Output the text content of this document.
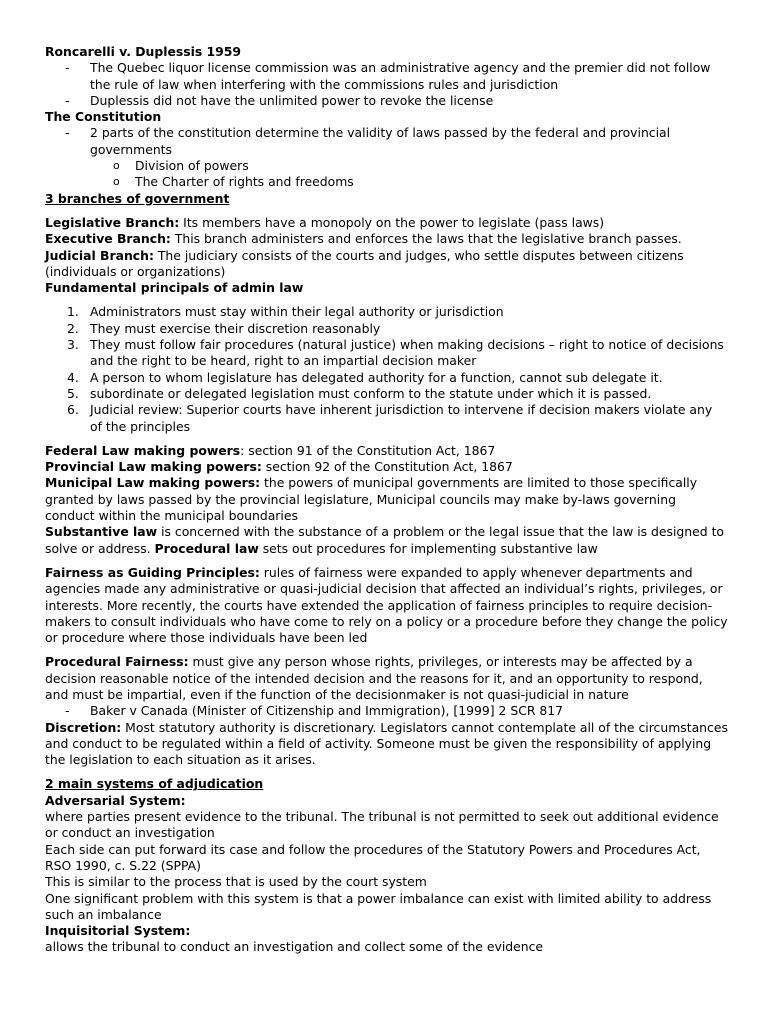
Roncarelli v. Duplessis 1959

-	The Quebec liquor license commission was an administrative agency and the premier did not follow the rule of law when interfering with the commissions rules and jurisdiction
-	Duplessis did not have the unlimited power to revoke the license

The Constitution

-	2 parts of the constitution determine the validity of laws passed by the federal and provincial governments
o	Division of powers
o	The Charter of rights and freedoms

3 branches of government

Legislative Branch: Its members have a monopoly on the power to legislate (pass laws)

Executive Branch: This branch administers and enforces the laws that the legislative branch passes.

Judicial Branch: The judiciary consists of the courts and judges, who settle disputes between citizens (individuals or organizations)

Fundamental principals of admin law

1. Administrators must stay within their legal authority or jurisdiction
2. They must exercise their discretion reasonably
3. They must follow fair procedures (natural justice) when making decisions – right to notice of decisions and the right to be heard, right to an impartial decision maker
4. A person to whom legislature has delegated authority for a function, cannot sub delegate it.
5. subordinate or delegated legislation must conform to the statute under which it is passed.
6. Judicial review: Superior courts have inherent jurisdiction to intervene if decision makers violate any of the principles

Federal Law making powers: section 91 of the Constitution Act, 1867

Provincial Law making powers: section 92 of the Constitution Act, 1867

Municipal Law making powers: the powers of municipal governments are limited to those specifically granted by laws passed by the provincial legislature, Municipal councils may make by-laws governing conduct within the municipal boundaries

Substantive law is concerned with the substance of a problem or the legal issue that the law is designed to solve or address. Procedural law sets out procedures for implementing substantive law

Fairness as Guiding Principles: rules of fairness were expanded to apply whenever departments and agencies made any administrative or quasi-judicial decision that affected an individual’s rights, privileges, or interests. More recently, the courts have extended the application of fairness principles to require decision-makers to consult individuals who have come to rely on a policy or a procedure before they change the policy or procedure where those individuals have been led

Procedural Fairness: must give any person whose rights, privileges, or interests may be affected by a decision reasonable notice of the intended decision and the reasons for it, and an opportunity to respond, and must be impartial, even if the function of the decisionmaker is not quasi-judicial in nature

-	Baker v Canada (Minister of Citizenship and Immigration), [1999] 2 SCR 817

Discretion: Most statutory authority is discretionary. Legislators cannot contemplate all of the circumstances and conduct to be regulated within a field of activity. Someone must be given the responsibility of applying the legislation to each situation as it arises.

2 main systems of adjudication

Adversarial System:

where parties present evidence to the tribunal. The tribunal is not permitted to seek out additional evidence or conduct an investigation

Each side can put forward its case and follow the procedures of the Statutory Powers and Procedures Act, RSO 1990, c. S.22 (SPPA)

This is similar to the process that is used by the court system

One significant problem with this system is that a power imbalance can exist with limited ability to address such an imbalance

Inquisitorial System:

allows the tribunal to conduct an investigation and collect some of the evidence
